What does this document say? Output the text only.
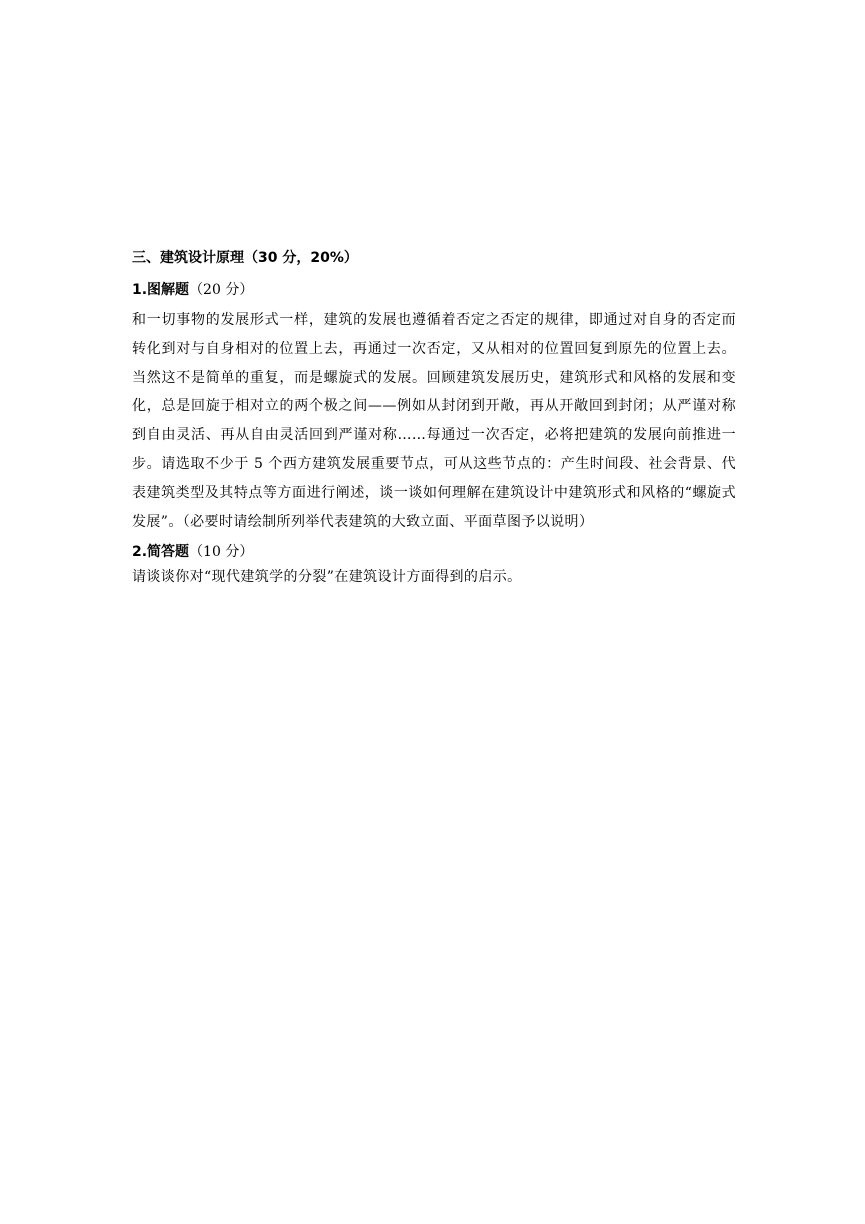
三、建筑设计原理（30 分，20%）

1.图解题（20 分）

和一切事物的发展形式一样，建筑的发展也遵循着否定之否定的规律，即通过对自身的否定而转化到对与自身相对的位置上去，再通过一次否定，又从相对的位置回复到原先的位置上去。当然这不是简单的重复，而是螺旋式的发展。回顾建筑发展历史，建筑形式和风格的发展和变化，总是回旋于相对立的两个极之间——例如从封闭到开敞，再从开敞回到封闭；从严谨对称到自由灵活、再从自由灵活回到严谨对称……每通过一次否定，必将把建筑的发展向前推进一步。请选取不少于 5 个西方建筑发展重要节点，可从这些节点的：产生时间段、社会背景、代表建筑类型及其特点等方面进行阐述，谈一谈如何理解在建筑设计中建筑形式和风格的“螺旋式发展”。（必要时请绘制所列举代表建筑的大致立面、平面草图予以说明）

2.简答题（10 分）

请谈谈你对“现代建筑学的分裂”在建筑设计方面得到的启示。
